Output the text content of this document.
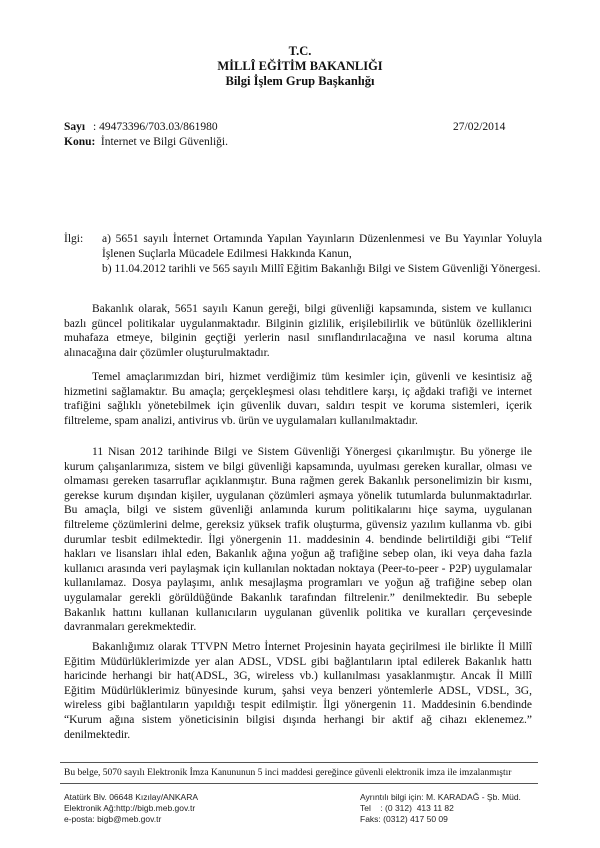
T.C.
MİLLÎ EĞİTİM BAKANLIĞI
Bilgi İşlem Grup Başkanlığı
Sayı : 49473396/703.03/861980	27/02/2014
Konu: İnternet ve Bilgi Güvenliği.
İlgi: a) 5651 sayılı İnternet Ortamında Yapılan Yayınların Düzenlenmesi ve Bu Yayınlar Yoluyla İşlenen Suçlarla Mücadele Edilmesi Hakkında Kanun,
b) 11.04.2012 tarihli ve 565 sayılı Millî Eğitim Bakanlığı Bilgi ve Sistem Güvenliği Yönergesi.
Bakanlık olarak, 5651 sayılı Kanun gereği, bilgi güvenliği kapsamında, sistem ve kullanıcı bazlı güncel politikalar uygulanmaktadır. Bilginin gizlilik, erişilebilirlik ve bütünlük özelliklerini muhafaza etmeye, bilginin geçtiği yerlerin nasıl sınıflandırılacağına ve nasıl koruma altına alınacağına dair çözümler oluşturulmaktadır.
Temel amaçlarımızdan biri, hizmet verdiğimiz tüm kesimler için, güvenli ve kesintisiz ağ hizmetini sağlamaktır. Bu amaçla; gerçekleşmesi olası tehditlere karşı, iç ağdaki trafiği ve internet trafiğini sağlıklı yönetebilmek için güvenlik duvarı, saldırı tespit ve koruma sistemleri, içerik filtreleme, spam analizi, antivirus vb. ürün ve uygulamaları kullanılmaktadır.
11 Nisan 2012 tarihinde Bilgi ve Sistem Güvenliği Yönergesi çıkarılmıştır. Bu yönerge ile kurum çalışanlarımıza, sistem ve bilgi güvenliği kapsamında, uyulması gereken kurallar, olması ve olmaması gereken tasarruflar açıklanmıştır. Buna rağmen gerek Bakanlık personelimizin bir kısmı, gerekse kurum dışından kişiler, uygulanan çözümleri aşmaya yönelik tutumlarda bulunmaktadırlar. Bu amaçla, bilgi ve sistem güvenliği anlamında kurum politikalarını hiçe sayma, uygulanan filtreleme çözümlerini delme, gereksiz yüksek trafik oluşturma, güvensiz yazılım kullanma vb. gibi durumlar tesbit edilmektedir. İlgi yönergenin 11. maddesinin 4. bendinde belirtildiği gibi “Telif hakları ve lisansları ihlal eden, Bakanlık ağına yoğun ağ trafiğine sebep olan, iki veya daha fazla kullanıcı arasında veri paylaşmak için kullanılan noktadan noktaya (Peer-to-peer - P2P) uygulamalar kullanılamaz. Dosya paylaşımı, anlık mesajlaşma programları ve yoğun ağ trafiğine sebep olan uygulamalar gerekli görüldüğünde Bakanlık tarafından filtrelenir.” denilmektedir. Bu sebeple Bakanlık hattını kullanan kullanıcıların uygulanan güvenlik politika ve kuralları çerçevesinde davranmaları gerekmektedir.
Bakanlığımız olarak TTVPN Metro İnternet Projesinin hayata geçirilmesi ile birlikte İl Millî Eğitim Müdürlüklerimizde yer alan ADSL, VDSL gibi bağlantıların iptal edilerek Bakanlık hattı haricinde herhangi bir hat(ADSL, 3G, wireless vb.) kullanılması yasaklanmıştır. Ancak İl Millî Eğitim Müdürlüklerimiz bünyesinde kurum, şahsi veya benzeri yöntemlerle ADSL, VDSL, 3G, wireless gibi bağlantıların yapıldığı tespit edilmiştir. İlgi yönergenin 11. Maddesinin 6.bendinde “Kurum ağına sistem yöneticisinin bilgisi dışında herhangi bir aktif ağ cihazı eklenemez.” denilmektedir.
Bu belge, 5070 sayılı Elektronik İmza Kanununun 5 inci maddesi gereğince güvenli elektronik imza ile imzalanmıştır
Atatürk Blv. 06648 Kızılay/ANKARA
Elektronik Ağ:http://bigb.meb.gov.tr
e-posta: bigb@meb.gov.tr
Ayrıntılı bilgi için: M. KARADAĞ - Şb. Müd.
Tel    : (0 312)  413 11 82
Faks: (0312) 417 50 09
